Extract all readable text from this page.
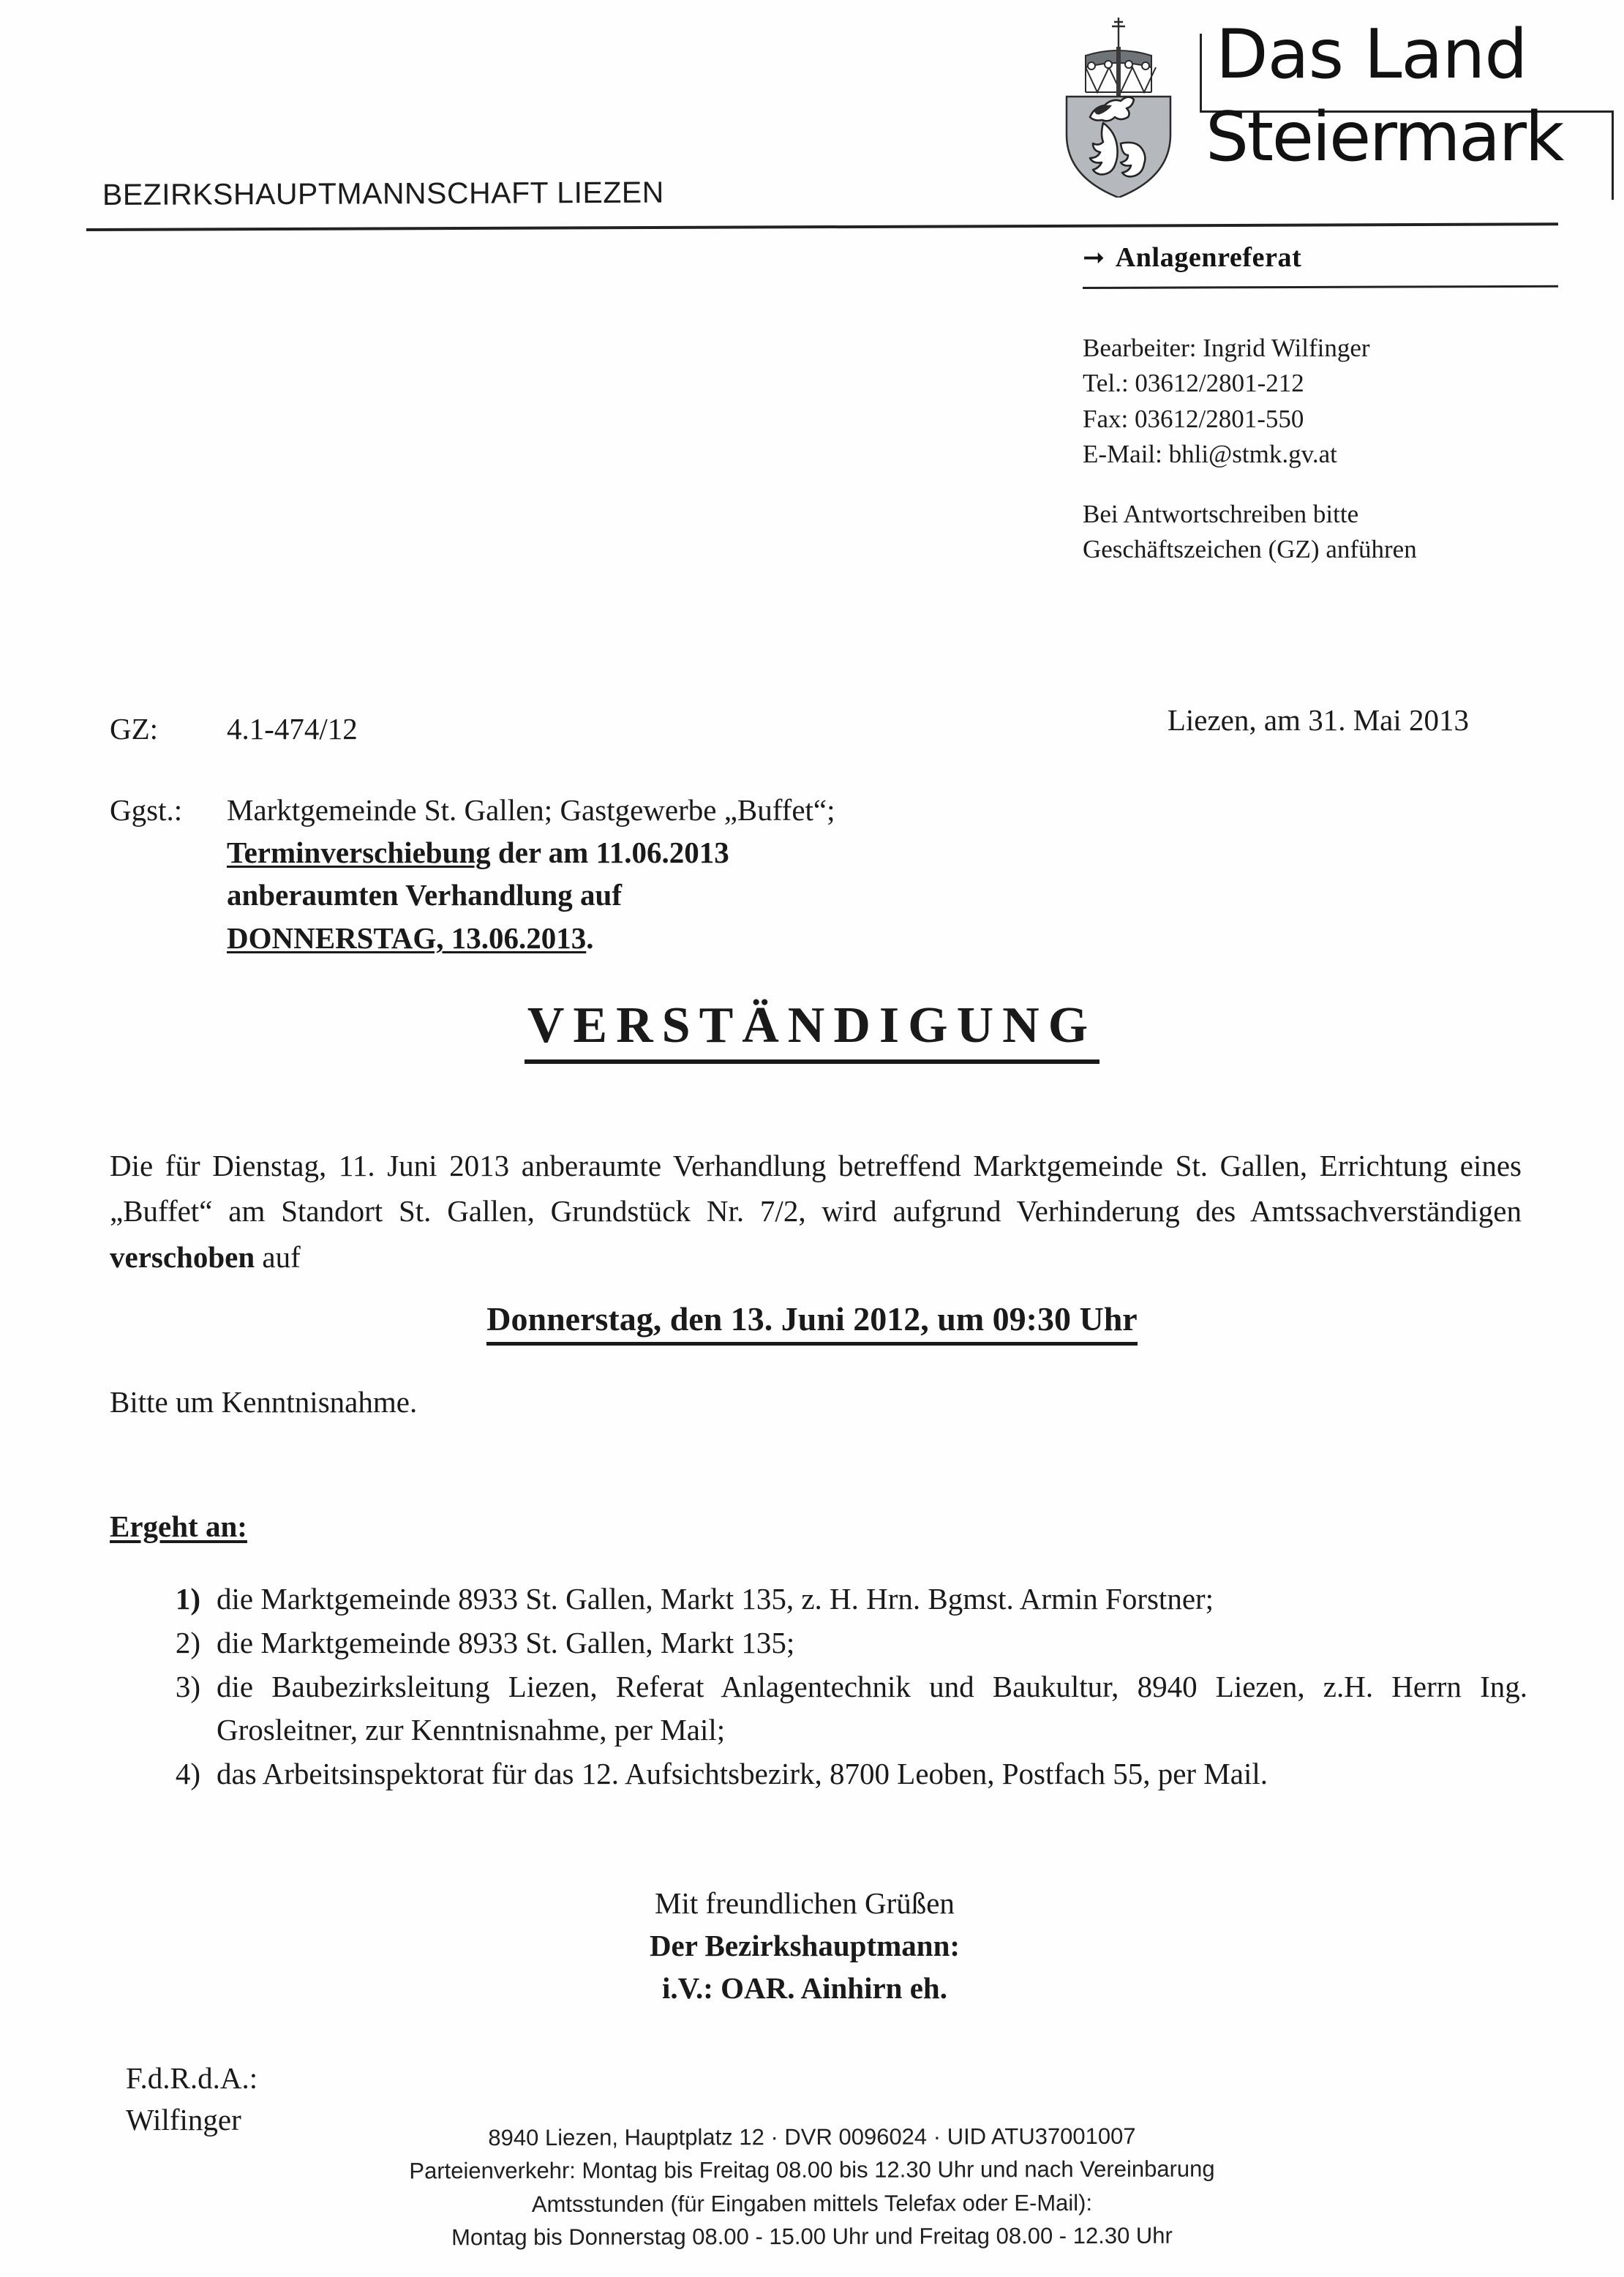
BEZIRKSHAUPTMANNSCHAFT LIEZEN
Das Land
Steiermark
➞ Anlagenreferat
Bearbeiter: Ingrid Wilfinger
Tel.: 03612/2801-212
Fax: 03612/2801-550
E-Mail: bhli@stmk.gv.at
Bei Antwortschreiben bitte
Geschäftszeichen (GZ) anführen
GZ: 4.1-474/12	Liezen, am 31. Mai 2013
Ggst.: Marktgemeinde St. Gallen; Gastgewerbe „Buffet“;
Terminverschiebung der am 11.06.2013
anberaumten Verhandlung auf
DONNERSTAG, 13.06.2013.
VERSTÄNDIGUNG
Die für Dienstag, 11. Juni 2013 anberaumte Verhandlung betreffend Marktgemeinde St. Gallen, Errichtung eines „Buffet“ am Standort St. Gallen, Grundstück Nr. 7/2, wird aufgrund Verhinderung des Amtssachverständigen verschoben auf
Donnerstag, den 13. Juni 2012, um 09:30 Uhr
Bitte um Kenntnisnahme.
Ergeht an:
1) die Marktgemeinde 8933 St. Gallen, Markt 135, z. H. Hrn. Bgmst. Armin Forstner;
2) die Marktgemeinde 8933 St. Gallen, Markt 135;
3) die Baubezirksleitung Liezen, Referat Anlagentechnik und Baukultur, 8940 Liezen, z.H. Herrn Ing. Grosleitner, zur Kenntnisnahme, per Mail;
4) das Arbeitsinspektorat für das 12. Aufsichtsbezirk, 8700 Leoben, Postfach 55, per Mail.
Mit freundlichen Grüßen
Der Bezirkshauptmann:
i.V.: OAR. Ainhirn eh.
F.d.R.d.A.:
Wilfinger
8940 Liezen, Hauptplatz 12 · DVR 0096024 · UID ATU37001007
Parteienverkehr: Montag bis Freitag 08.00 bis 12.30 Uhr und nach Vereinbarung
Amtsstunden (für Eingaben mittels Telefax oder E-Mail):
Montag bis Donnerstag 08.00 - 15.00 Uhr und Freitag 08.00 - 12.30 Uhr
